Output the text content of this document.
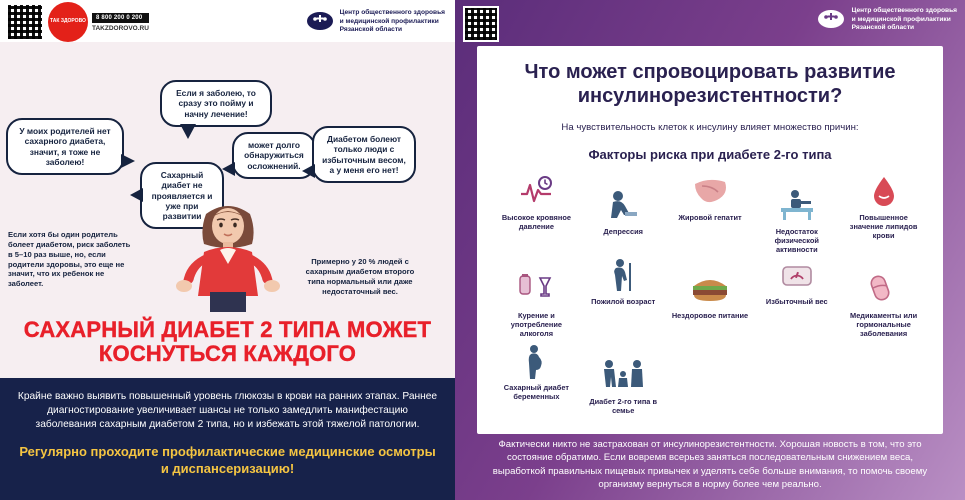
ТАК ЗДОРОВО
8 800 200 0 200
TAKZDOROVO.RU
Центр общественного здоровья
и медицинской профилактики
Рязанской области
У моих родителей нет сахарного диабета, значит, я тоже не заболею!
Сахарный диабет не проявляется и уже при развитии
Если я заболею, то сразу это пойму и начну лечение!
может долго обнаружиться осложнений.
Диабетом болеют только люди с избыточным весом, а у меня его нет!
Если хотя бы один родитель болеет диабетом, риск заболеть в 5–10 раз выше, но, если родители здоровы, это еще не значит, что их ребенок не заболеет.
Примерно у 20 % людей с сахарным диабетом второго типа нормальный или даже недостаточный вес.
САХАРНЫЙ ДИАБЕТ 2 ТИПА МОЖЕТ КОСНУТЬСЯ КАЖДОГО

Крайне важно выявить повышенный уровень глюкозы в крови на ранних этапах. Раннее диагностирование увеличивает шансы не только замедлить манифестацию заболевания сахарным диабетом 2 типа, но и избежать этой тяжелой патологии.

Регулярно проходите профилактические медицинские осмотры и диспансеризацию!
Центр общественного здоровья
и медицинской профилактики
Рязанской области
Что может спровоцировать развитие инсулинорезистентности?
На чувствительность клеток к инсулину влияет множество причин:
Факторы риска при диабете 2-го типа
Высокое кровяное давление
Депрессия
Жировой гепатит
Недостаток физической активности
Повышенное значение липидов крови
Курение и употребление алкоголя
Пожилой возраст
Нездоровое питание
Избыточный вес
Медикаменты или гормональные заболевания
Сахарный диабет беременных
Диабет 2-го типа в семье

Фактически никто не застрахован от инсулинорезистентности. Хорошая новость в том, что это состояние обратимо. Если вовремя всерьез заняться последовательным снижением веса, выработкой правильных пищевых привычек и уделять себе больше внимания, то помочь своему организму вернуться в норму более чем реально.
